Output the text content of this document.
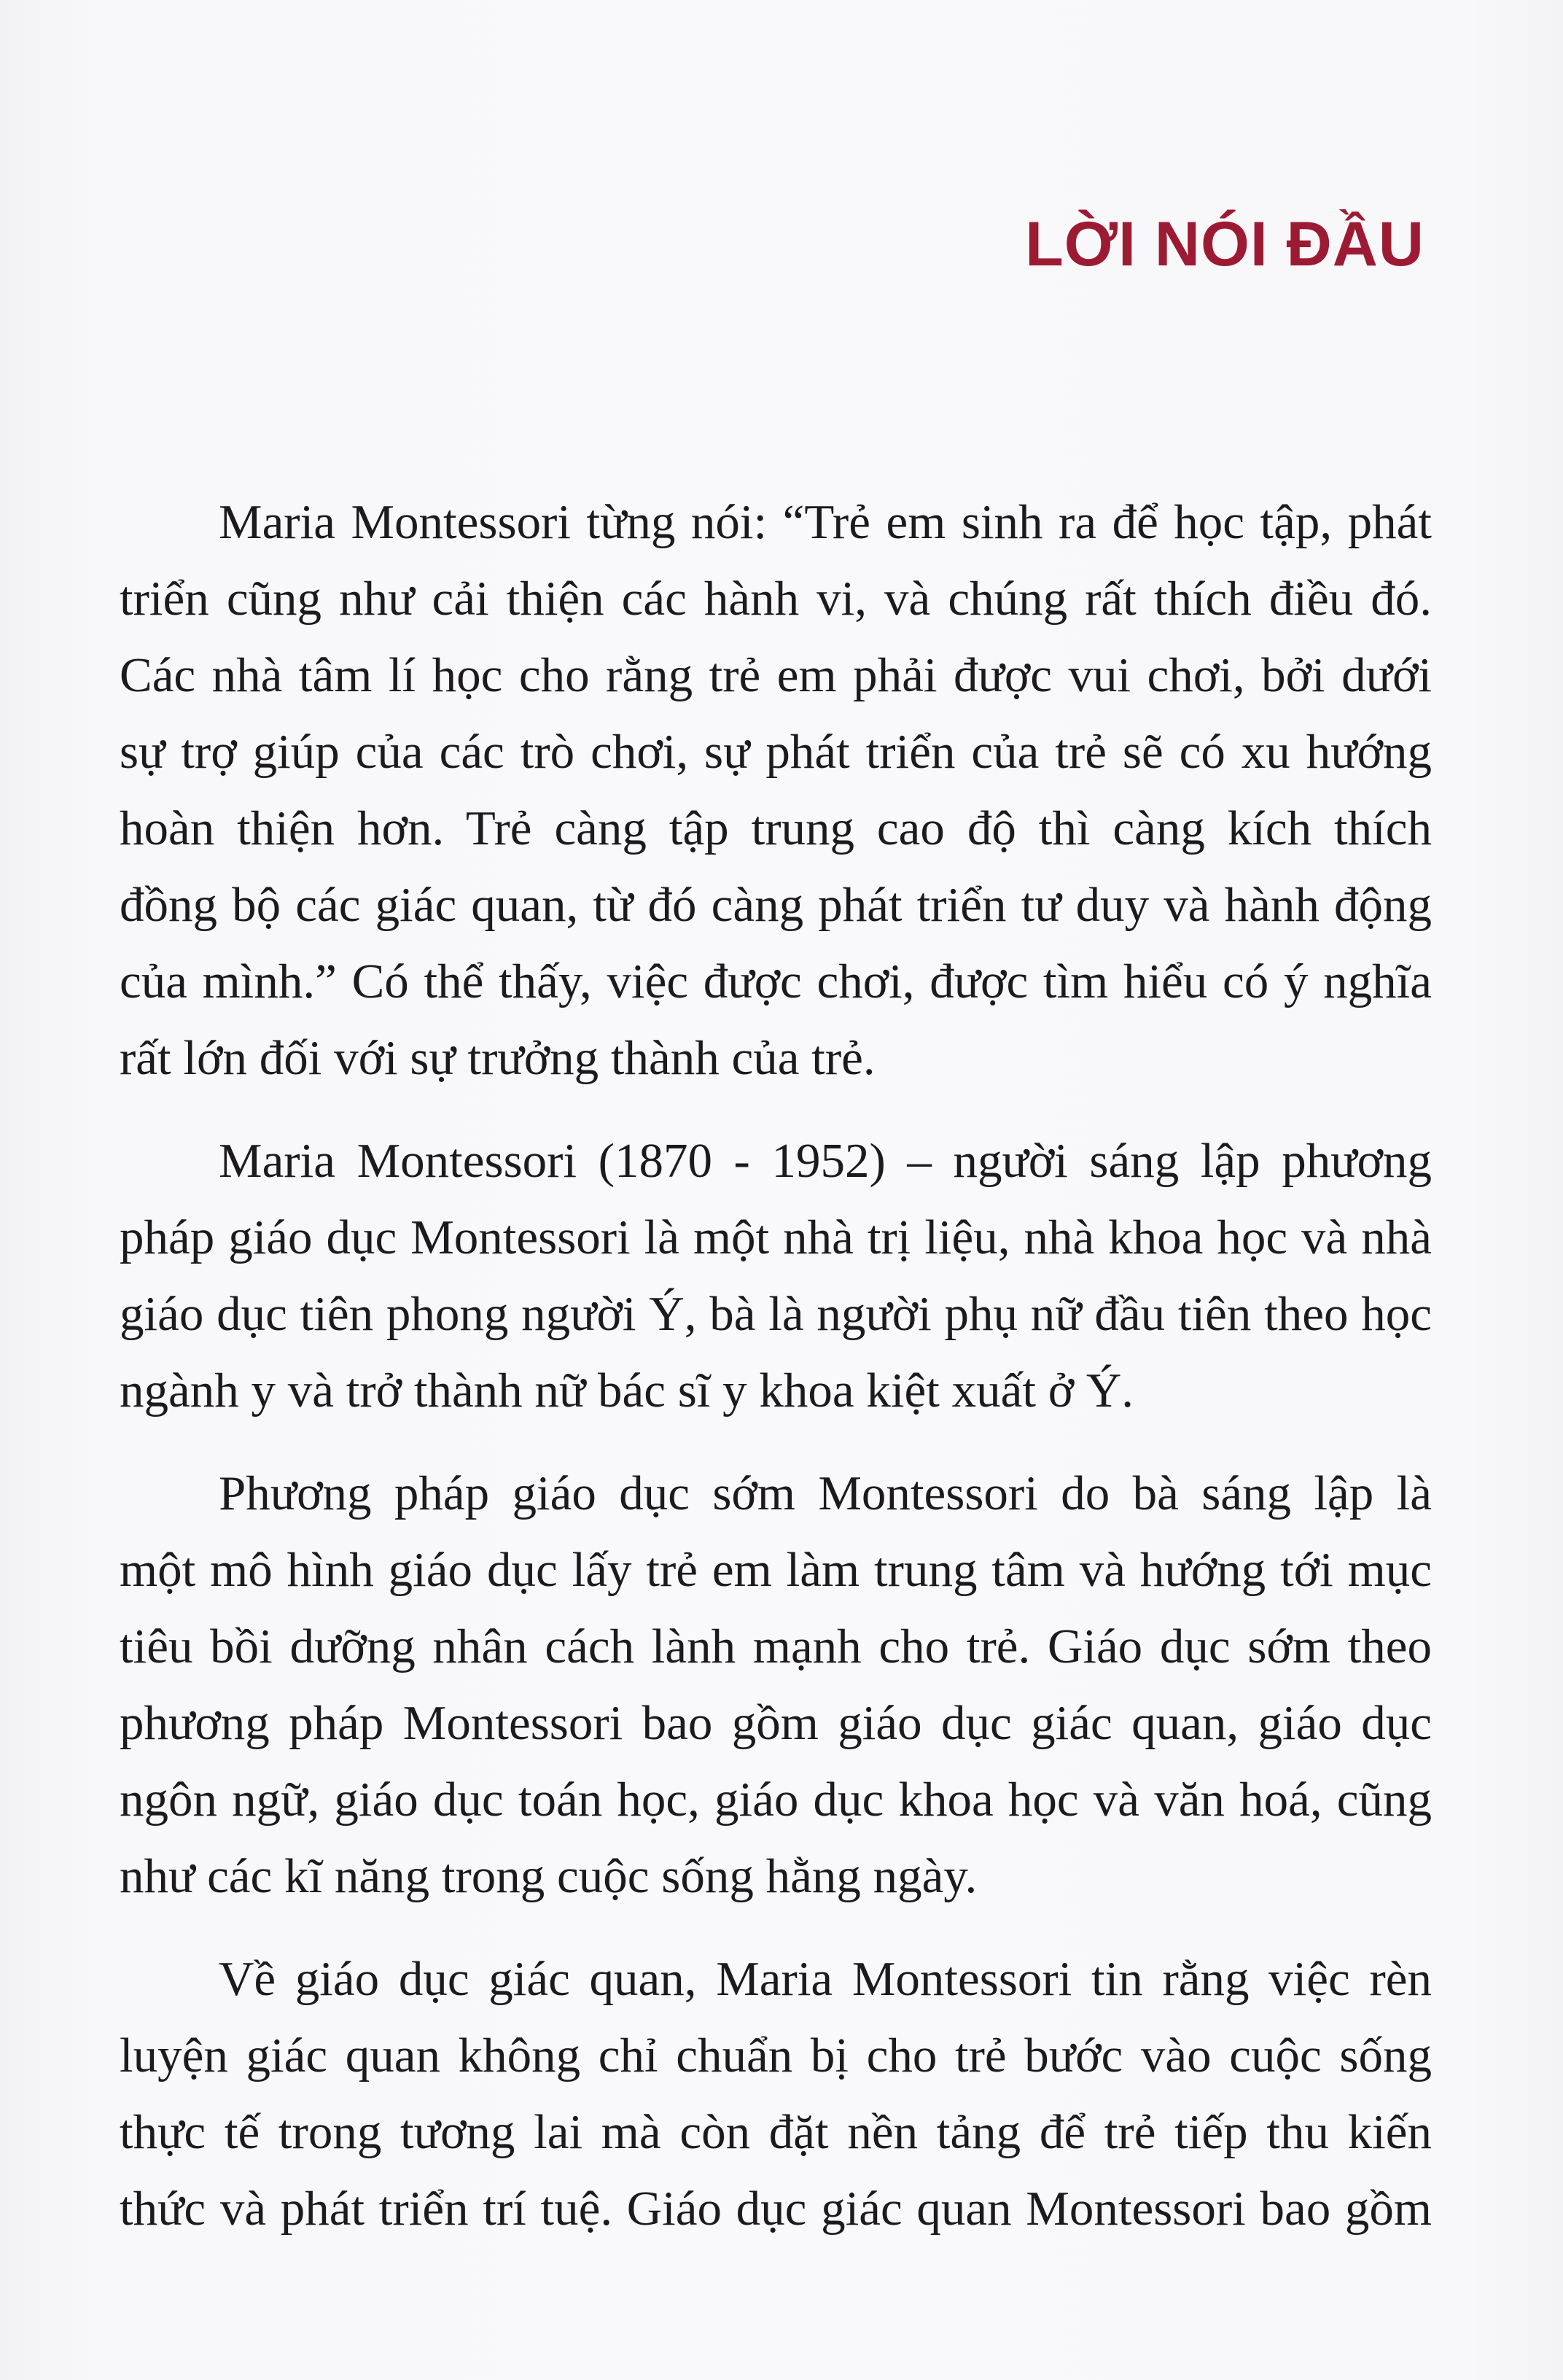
LỜI NÓI ĐẦU

Maria Montessori từng nói: “Trẻ em sinh ra để học tập, phát
triển cũng như cải thiện các hành vi, và chúng rất thích điều đó.
Các nhà tâm lí học cho rằng trẻ em phải được vui chơi, bởi dưới
sự trợ giúp của các trò chơi, sự phát triển của trẻ sẽ có xu hướng
hoàn thiện hơn. Trẻ càng tập trung cao độ thì càng kích thích
đồng bộ các giác quan, từ đó càng phát triển tư duy và hành động
của mình.” Có thể thấy, việc được chơi, được tìm hiểu có ý nghĩa
rất lớn đối với sự trưởng thành của trẻ.

Maria Montessori (1870 - 1952) – người sáng lập phương
pháp giáo dục Montessori là một nhà trị liệu, nhà khoa học và nhà
giáo dục tiên phong người Ý, bà là người phụ nữ đầu tiên theo học
ngành y và trở thành nữ bác sĩ y khoa kiệt xuất ở Ý.

Phương pháp giáo dục sớm Montessori do bà sáng lập là
một mô hình giáo dục lấy trẻ em làm trung tâm và hướng tới mục
tiêu bồi dưỡng nhân cách lành mạnh cho trẻ. Giáo dục sớm theo
phương pháp Montessori bao gồm giáo dục giác quan, giáo dục
ngôn ngữ, giáo dục toán học, giáo dục khoa học và văn hoá, cũng
như các kĩ năng trong cuộc sống hằng ngày.

Về giáo dục giác quan, Maria Montessori tin rằng việc rèn
luyện giác quan không chỉ chuẩn bị cho trẻ bước vào cuộc sống
thực tế trong tương lai mà còn đặt nền tảng để trẻ tiếp thu kiến
thức và phát triển trí tuệ. Giáo dục giác quan Montessori bao gồm
